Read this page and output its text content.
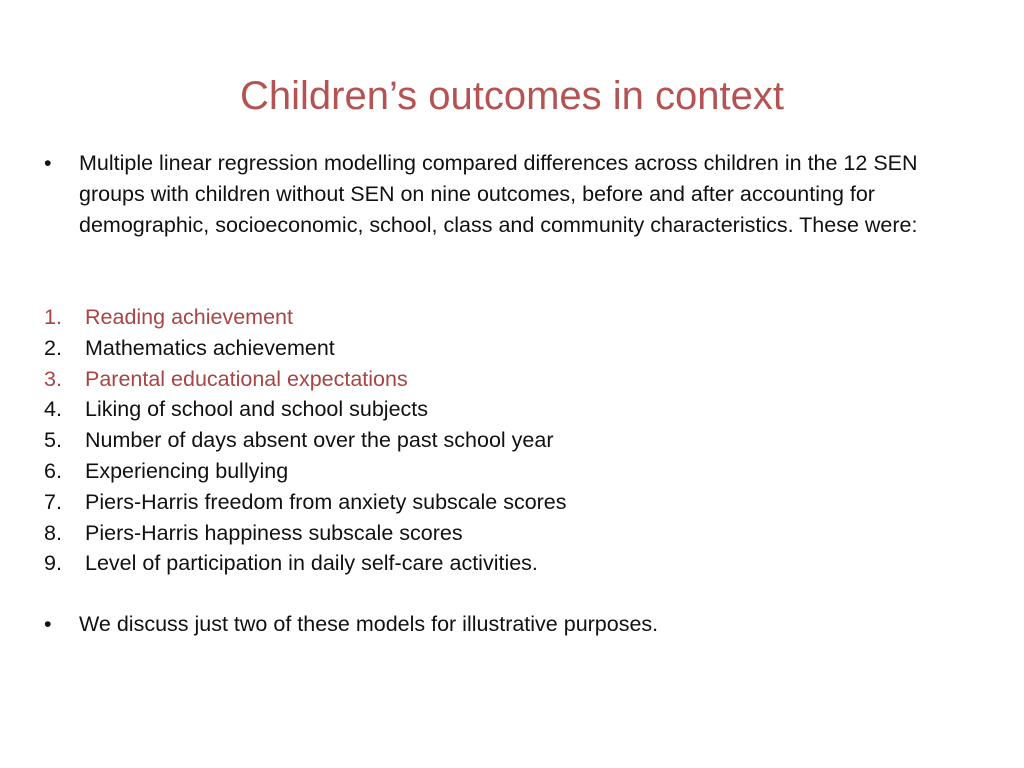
Children’s outcomes in context
•	Multiple linear regression modelling compared differences across children in the 12 SEN groups with children without SEN on nine outcomes, before and after accounting for demographic, socioeconomic, school, class and community characteristics. These were:
1. Reading achievement
2. Mathematics achievement
3. Parental educational expectations
4. Liking of school and school subjects
5. Number of days absent over the past school year
6. Experiencing bullying
7. Piers-Harris freedom from anxiety subscale scores
8. Piers-Harris happiness subscale scores
9. Level of participation in daily self-care activities.
•	We discuss just two of these models for illustrative purposes.
